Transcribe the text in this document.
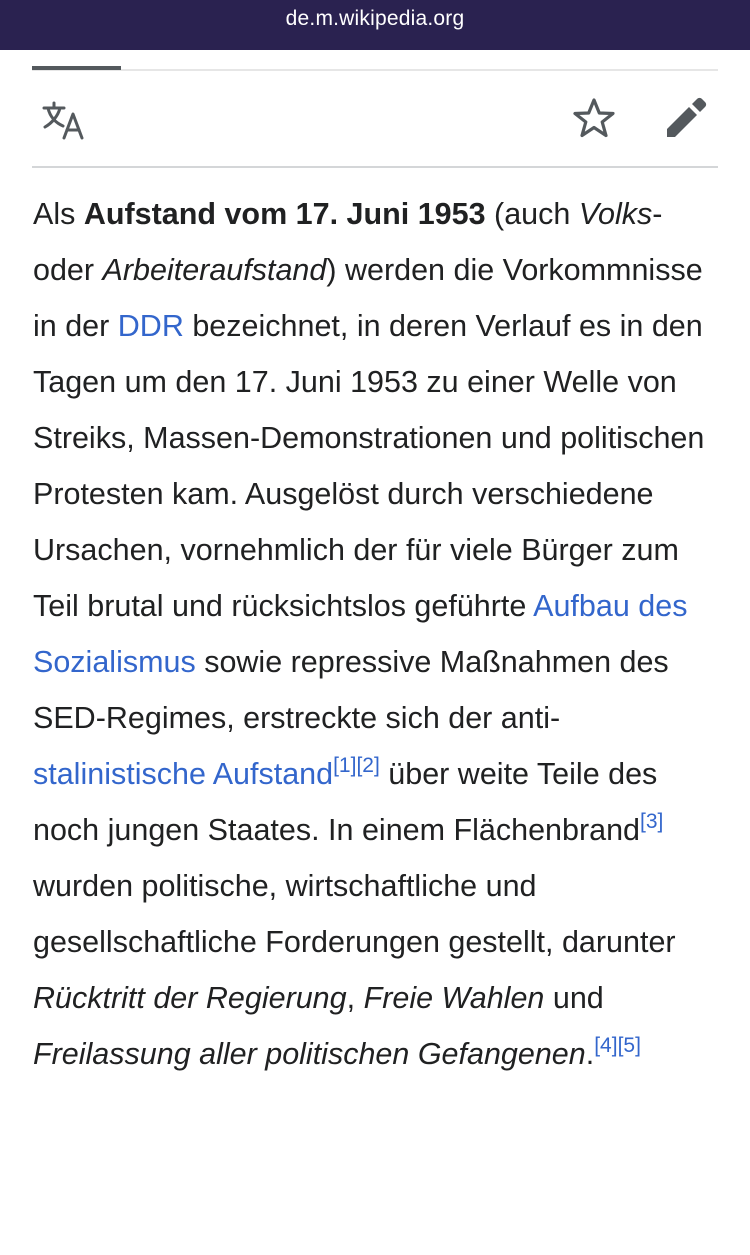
de.m.wikipedia.org

Als Aufstand vom 17. Juni 1953 (auch Volks- oder Arbeiteraufstand) werden die Vorkommnisse in der DDR bezeichnet, in deren Verlauf es in den Tagen um den 17. Juni 1953 zu einer Welle von Streiks, Massen-Demonstrationen und politischen Protesten kam. Ausgelöst durch verschiedene Ursachen, vornehmlich der für viele Bürger zum Teil brutal und rücksichtslos geführte Aufbau des Sozialismus sowie repressive Maßnahmen des SED-Regimes, erstreckte sich der anti-stalinistische Aufstand[1][2] über weite Teile des noch jungen Staates. In einem Flächenbrand[3] wurden politische, wirtschaftliche und gesellschaftliche Forderungen gestellt, darunter Rücktritt der Regierung, Freie Wahlen und Freilassung aller politischen Gefangenen.[4][5]
